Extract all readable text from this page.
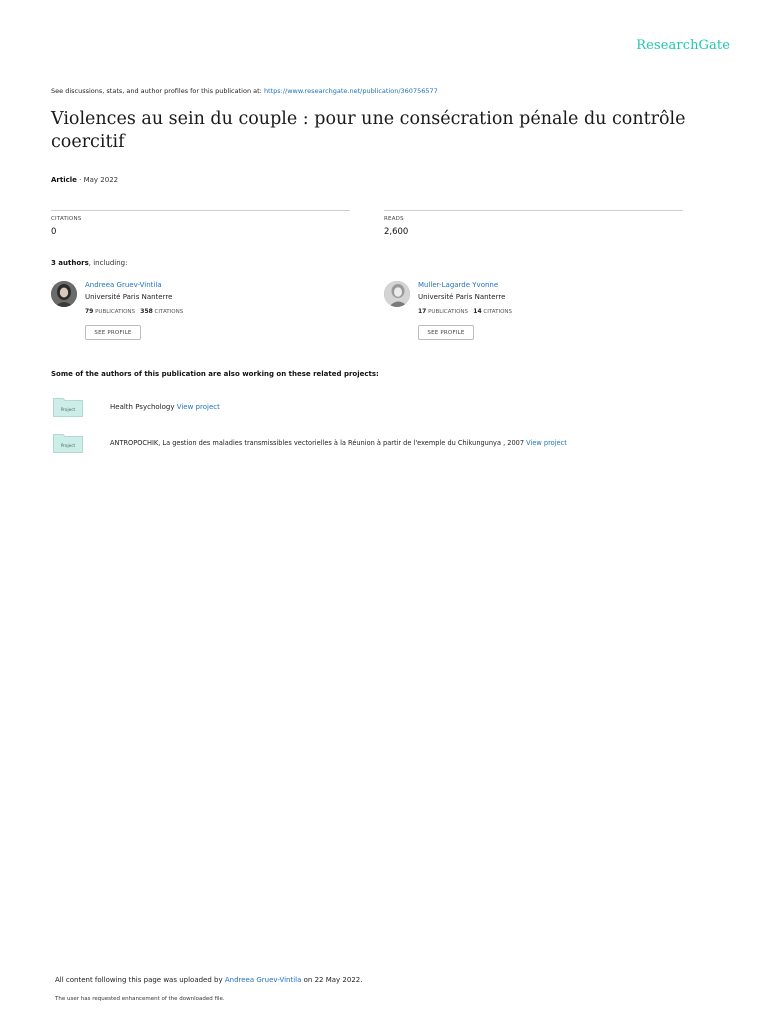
ResearchGate
See discussions, stats, and author profiles for this publication at: https://www.researchgate.net/publication/360756577
Violences au sein du couple : pour une consécration pénale du contrôle coercitif
Article · May 2022
CITATIONS
0
READS
2,600
3 authors, including:
Andreea Gruev-Vintila
Université Paris Nanterre
79 PUBLICATIONS 358 CITATIONS
SEE PROFILE
Muller-Lagarde Yvonne
Université Paris Nanterre
17 PUBLICATIONS 14 CITATIONS
SEE PROFILE
Some of the authors of this publication are also working on these related projects:
Project	Health Psychology View project
Project	ANTROPOCHIK, La gestion des maladies transmissibles vectorielles à la Réunion à partir de l'exemple du Chikungunya , 2007 View project
All content following this page was uploaded by Andreea Gruev-Vintila on 22 May 2022.
The user has requested enhancement of the downloaded file.
